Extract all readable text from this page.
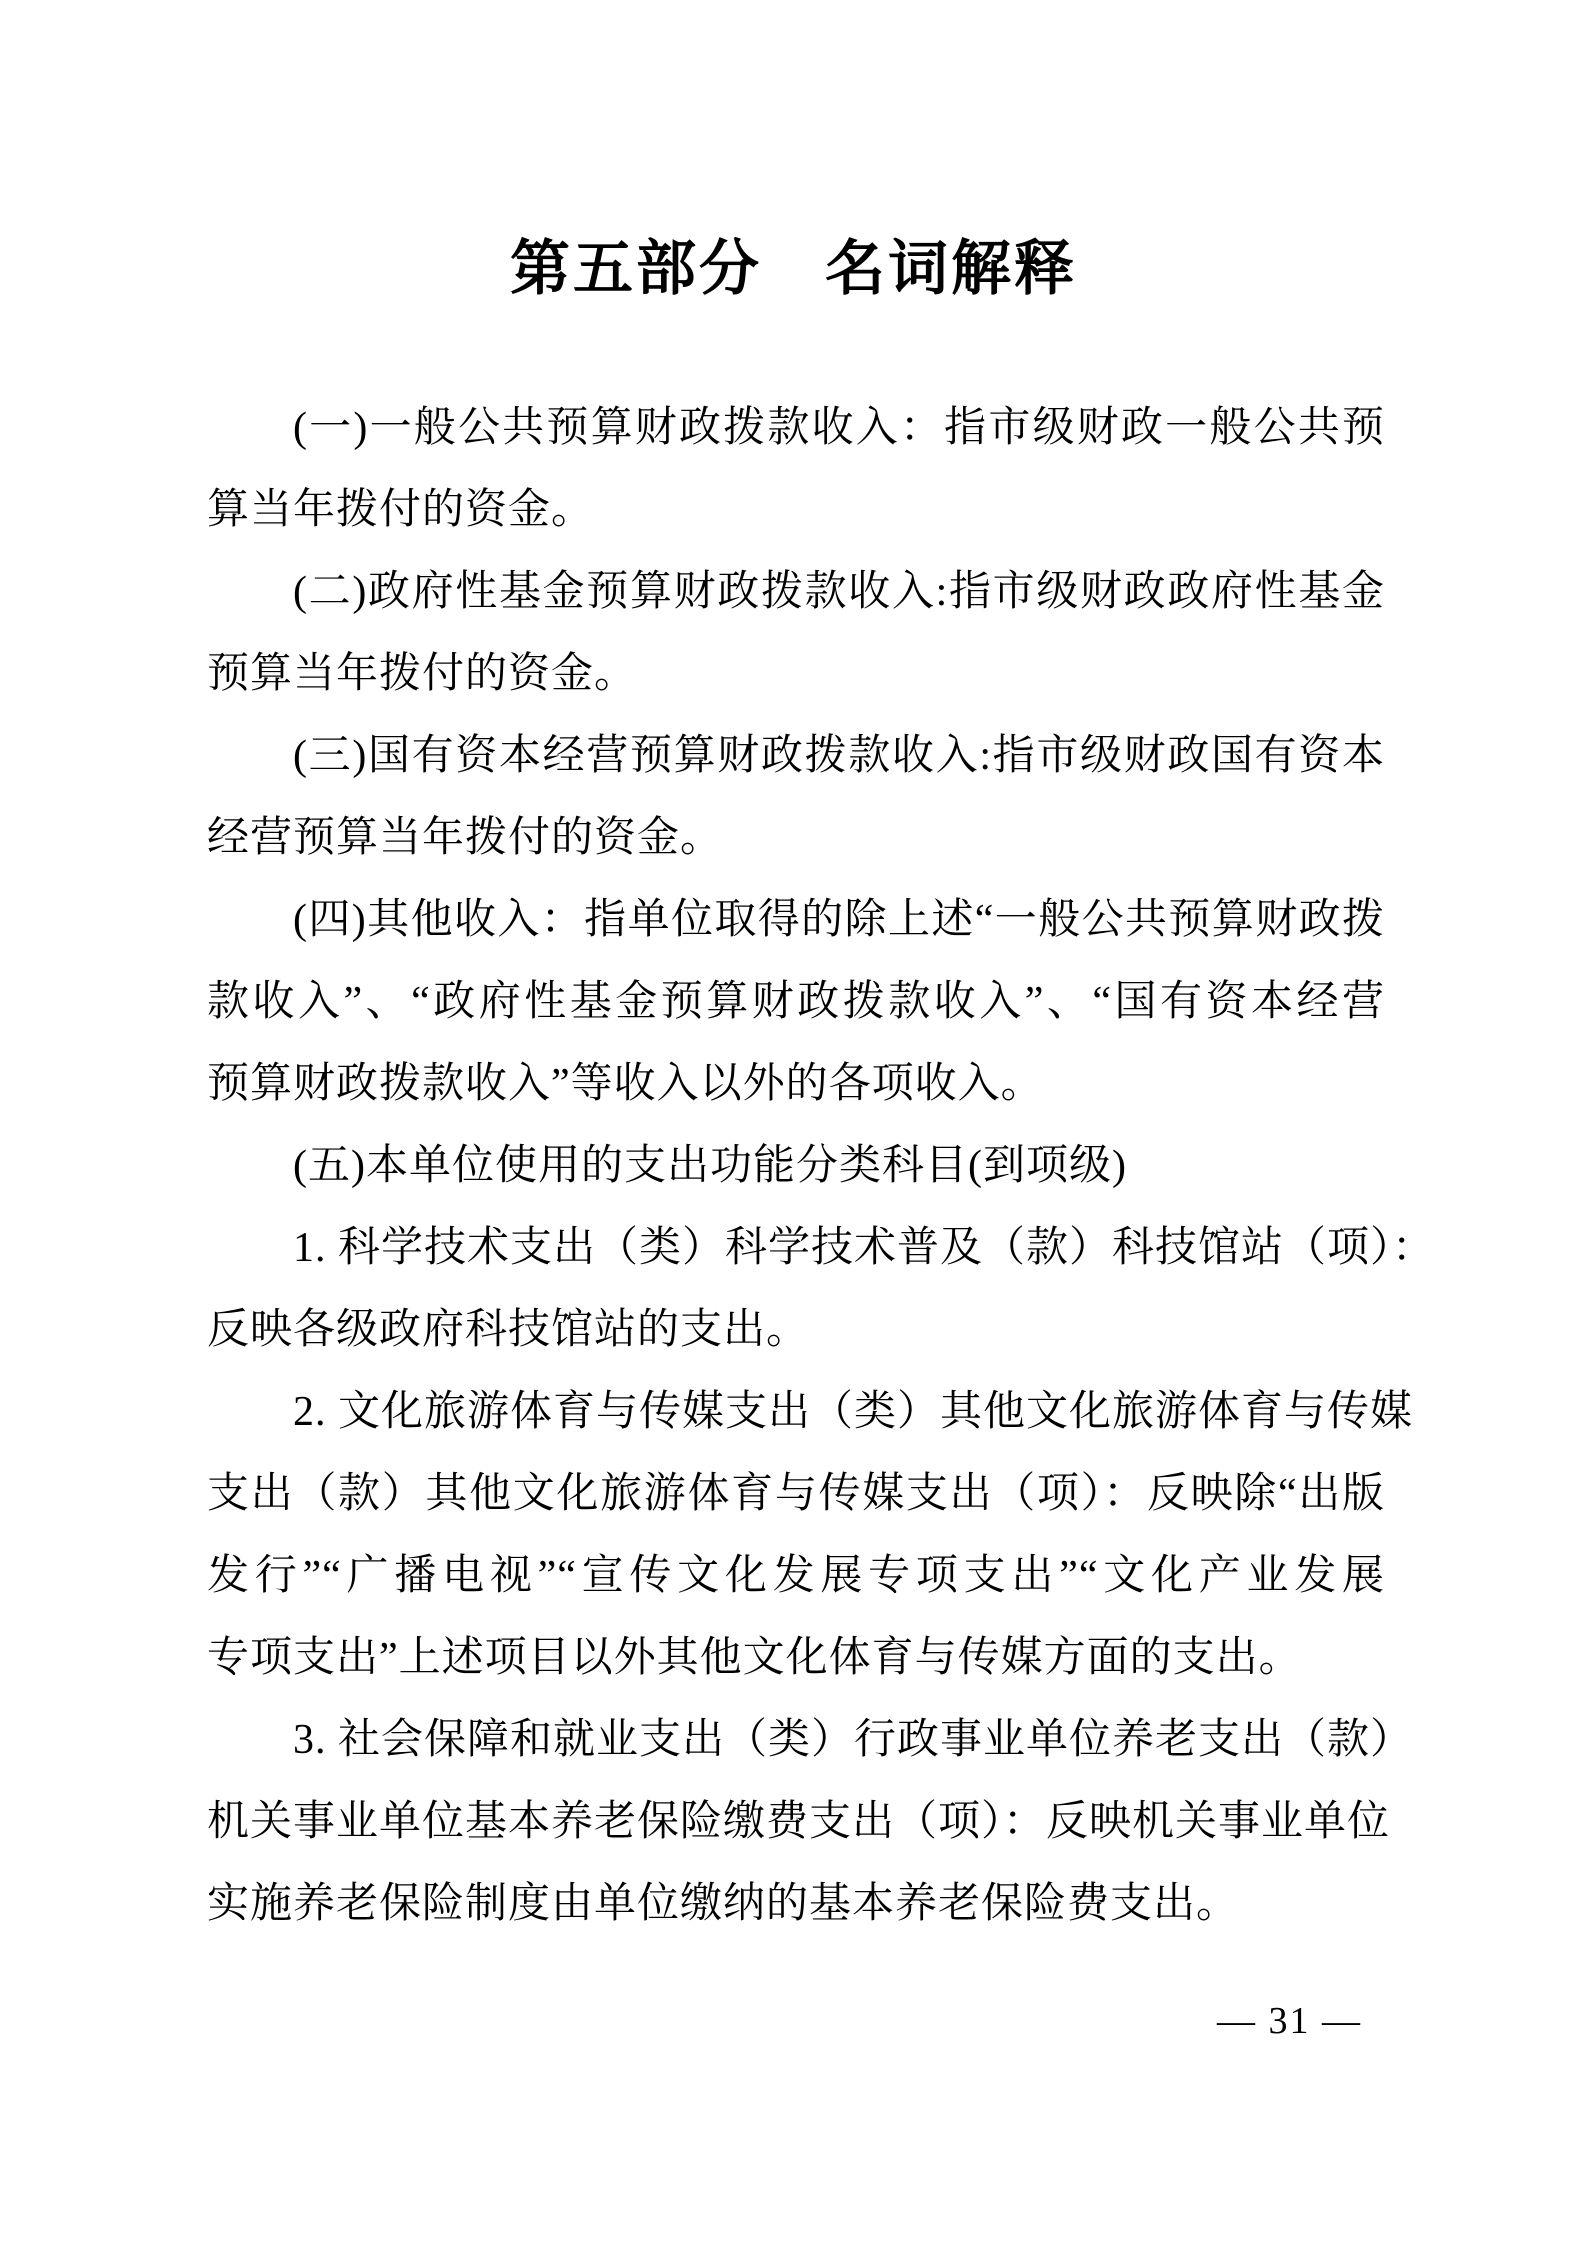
第五部分　名词解释
(一)一般公共预算财政拨款收入：指市级财政一般公共预
算当年拨付的资金。
(二)政府性基金预算财政拨款收入:指市级财政政府性基金
预算当年拨付的资金。
(三)国有资本经营预算财政拨款收入:指市级财政国有资本
经营预算当年拨付的资金。
(四)其他收入：指单位取得的除上述“一般公共预算财政拨
款收入”、“政府性基金预算财政拨款收入”、“国有资本经营
预算财政拨款收入”等收入以外的各项收入。
(五)本单位使用的支出功能分类科目(到项级)
1. 科学技术支出（类）科学技术普及（款）科技馆站（项）：
反映各级政府科技馆站的支出。
2. 文化旅游体育与传媒支出（类）其他文化旅游体育与传媒
支出（款）其他文化旅游体育与传媒支出（项）：反映除“出版
发行”“广播电视”“宣传文化发展专项支出”“文化产业发展
专项支出”上述项目以外其他文化体育与传媒方面的支出。
3. 社会保障和就业支出（类）行政事业单位养老支出（款）
机关事业单位基本养老保险缴费支出（项）：反映机关事业单位
实施养老保险制度由单位缴纳的基本养老保险费支出。
— 31 —
